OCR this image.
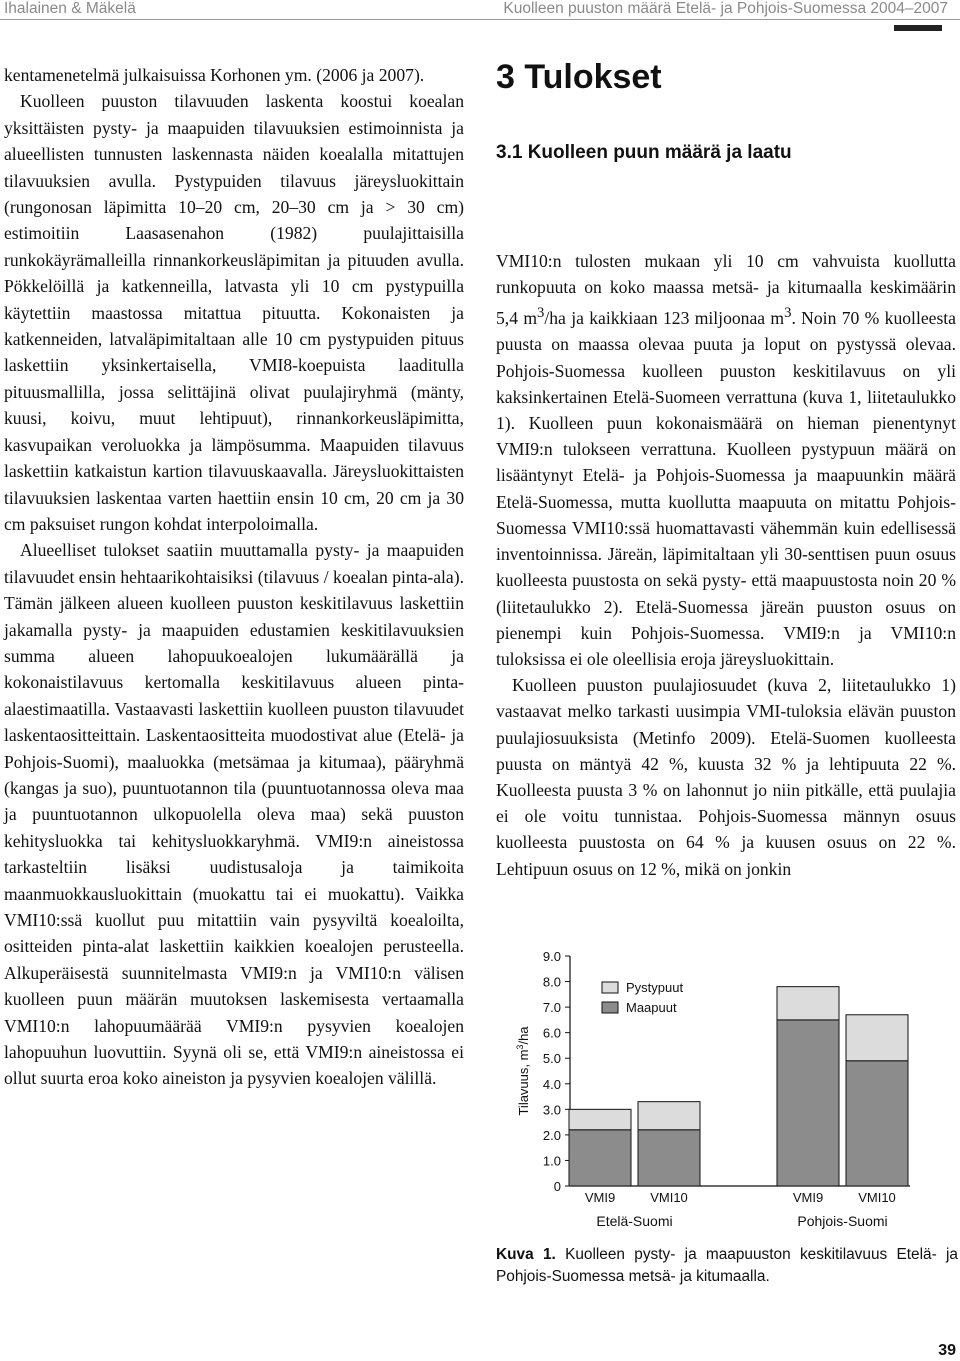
Ihalainen & Mäkelä	Kuolleen puuston määrä Etelä- ja Pohjois-Suomessa 2004–2007

kentamenetelmä julkaisuissa Korhonen ym. (2006 ja 2007).

Kuolleen puuston tilavuuden laskenta koostui koealan yksittäisten pysty- ja maapuiden tilavuuksien estimoinnista ja alueellisten tunnusten laskennasta näiden koealalla mitattujen tilavuuksien avulla. Pystypuiden tilavuus järeysluokittain (rungonosan läpimitta 10–20 cm, 20–30 cm ja > 30 cm) estimoitiin Laasasenahon (1982) puulajittaisilla runkokäyrämalleilla rinnankorkeusläpimitan ja pituuden avulla. Pökkelöillä ja katkenneilla, latvasta yli 10 cm pystypuilla käytettiin maastossa mitattua pituutta. Kokonaisten ja katkenneiden, latvaläpimitaltaan alle 10 cm pystypuiden pituus laskettiin yksinkertaisella, VMI8-koepuista laaditulla pituusmallilla, jossa selittäjinä olivat puulajiryhmä (mänty, kuusi, koivu, muut lehtipuut), rinnankorkeusläpimitta, kasvupaikan veroluokka ja lämpösumma. Maapuiden tilavuus laskettiin katkaistun kartion tilavuuskaavalla. Järeysluokittaisten tilavuuksien laskentaa varten haettiin ensin 10 cm, 20 cm ja 30 cm paksuiset rungon kohdat interpoloimalla.

Alueelliset tulokset saatiin muuttamalla pysty- ja maapuiden tilavuudet ensin hehtaarikohtaisiksi (tilavuus / koealan pinta-ala). Tämän jälkeen alueen kuolleen puuston keskitilavuus laskettiin jakamalla pysty- ja maapuiden edustamien keskitilavuuksien summa alueen lahopuukoealojen lukumäärällä ja kokonaistilavuus kertomalla keskitilavuus alueen pinta-alaestimaatilla. Vastaavasti laskettiin kuolleen puuston tilavuudet laskentaositteittain. Laskentaositteita muodostivat alue (Etelä- ja Pohjois-Suomi), maaluokka (metsämaa ja kitumaa), pääryhmä (kangas ja suo), puuntuotannon tila (puuntuotannossa oleva maa ja puuntuotannon ulkopuolella oleva maa) sekä puuston kehitysluokka tai kehitysluokkaryhmä. VMI9:n aineistossa tarkasteltiin lisäksi uudistusaloja ja taimikoita maanmuokkausluokittain (muokattu tai ei muokattu). Vaikka VMI10:ssä kuollut puu mitattiin vain pysyviltä koealoilta, ositteiden pinta-alat laskettiin kaikkien koealojen perusteella. Alkuperäisestä suunnitelmasta VMI9:n ja VMI10:n välisen kuolleen puun määrän muutoksen laskemisesta vertaamalla VMI10:n lahopuumäärää VMI9:n pysyvien koealojen lahopuuhun luovuttiin. Syynä oli se, että VMI9:n aineistossa ei ollut suurta eroa koko aineiston ja pysyvien koealojen välillä.

3 Tulokset
3.1 Kuolleen puun määrä ja laatu

VMI10:n tulosten mukaan yli 10 cm vahvuista kuollutta runkopuuta on koko maassa metsä- ja kitumaalla keskimäärin 5,4 $m^3/ha$ ja kaikkiaan 123 miljoonaa $m^3$. Noin 70 % kuolleesta puusta on maassa olevaa puuta ja loput on pystyssä olevaa. Pohjois-Suomessa kuolleen puuston keskitilavuus on yli kaksinkertainen Etelä-Suomeen verrattuna (kuva 1, liitetaulukko 1). Kuolleen puun kokonaismäärä on hieman pienentynyt VMI9:n tulokseen verrattuna. Kuolleen pystypuun määrä on lisääntynyt Etelä- ja Pohjois-Suomessa ja maapuunkin määrä Etelä-Suomessa, mutta kuollutta maapuuta on mitattu Pohjois-Suomessa VMI10:ssä huomattavasti vähemmän kuin edellisessä inventoinnissa. Järeän, läpimitaltaan yli 30-senttisen puun osuus kuolleesta puustosta on sekä pysty- että maapuustosta noin 20 % (liitetaulukko 2). Etelä-Suomessa järeän puuston osuus on pienempi kuin Pohjois-Suomessa. VMI9:n ja VMI10:n tuloksissa ei ole oleellisia eroja järeysluokittain.

Kuolleen puuston puulajiosuudet (kuva 2, liitetaulukko 1) vastaavat melko tarkasti uusimpia VMI-tuloksia elävän puuston puulajiosuuksista (Metinfo 2009). Etelä-Suomen kuolleesta puusta on mäntyä 42 %, kuusta 32 % ja lehtipuuta 22 %. Kuolleesta puusta 3 % on lahonnut jo niin pitkälle, että puulajia ei ole voitu tunnistaa. Pohjois-Suomessa männyn osuus kuolleesta puustosta on 64 % ja kuusen osuus on 22 %. Lehtipuun osuus on 12 %, mikä on jonkin

0
1.0
2.0
3.0
4.0
5.0
6.0
7.0
8.0
9.0
Tilavuus, $m^3/ha$
VMI9	VMI10	VMI9	VMI10
Etelä-Suomi	Pohjois-Suomi
Pystypuut
Maapuut
Kuva 1. Kuolleen pysty- ja maapuuston keskitilavuus Etelä- ja Pohjois-Suomessa metsä- ja kitumaalla.
39
